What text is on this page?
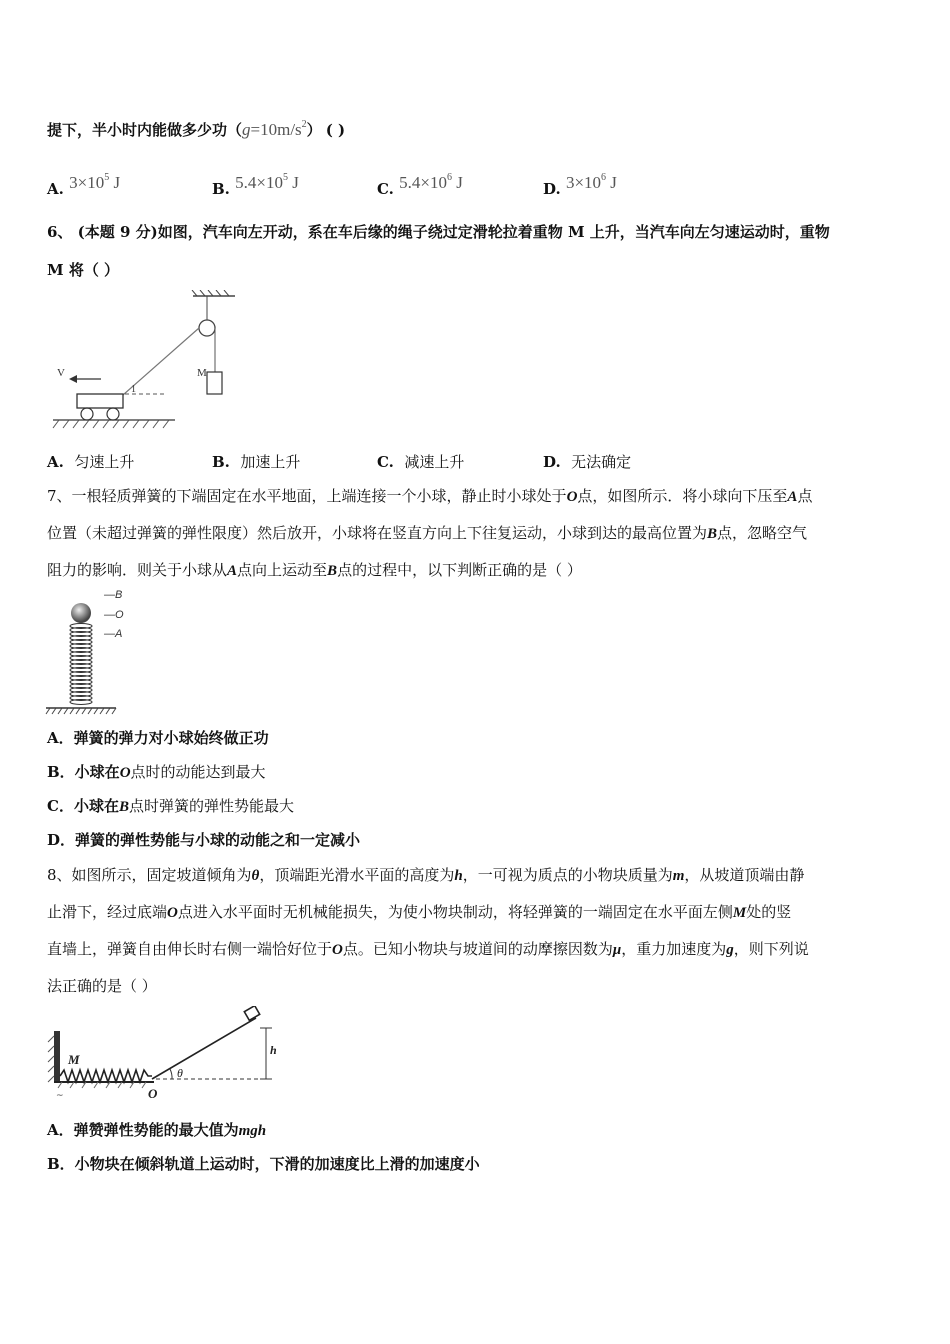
提下，半小时内能做多少功$(g=10m/s^2)$ ( )
A. $3\times 10^5$ J	B. $5.4\times 10^5$ J	C. $5.4\times 10^6$ J	D. $3\times 10^6$ J
6、 (本题 9 分)如图，汽车向左开动，系在车后缘的绳子绕过定滑轮拉着重物 M 上升，当汽车向左匀速运动时，重物
M 将（ ）
M
V
1
A. 匀速上升	B. 加速上升	C. 减速上升	D. 无法确定
7、一根轻质弹簧的下端固定在水平地面，上端连接一个小球，静止时小球处于O点，如图所示．将小球向下压至A点
位置（未超过弹簧的弹性限度）然后放开，小球将在竖直方向上下往复运动，小球到达的最高位置为B点，忽略空气
阻力的影响．则关于小球从A点向上运动至B点的过程中，以下判断正确的是（ ）
—B
—O
—A
A．弹簧的弹力对小球始终做正功
B．小球在O点时的动能达到最大
C．小球在B点时弹簧的弹性势能最大
D．弹簧的弹性势能与小球的动能之和一定减小
8、如图所示，固定坡道倾角为θ，顶端距光滑水平面的高度为h，一可视为质点的小物块质量为m，从坡道顶端由静
止滑下，经过底端O点进入水平面时无机械能损失，为使小物块制动，将轻弹簧的一端固定在水平面左侧M处的竖
直墙上，弹簧自由伸长时右侧一端恰好位于O点。已知小物块与坡道间的动摩擦因数为μ，重力加速度为g，则下列说
法正确的是（ ）
M
~
h
θ
O
A．弹赞弹性势能的最大值为mgh
B．小物块在倾斜轨道上运动时，下滑的加速度比上滑的加速度小
